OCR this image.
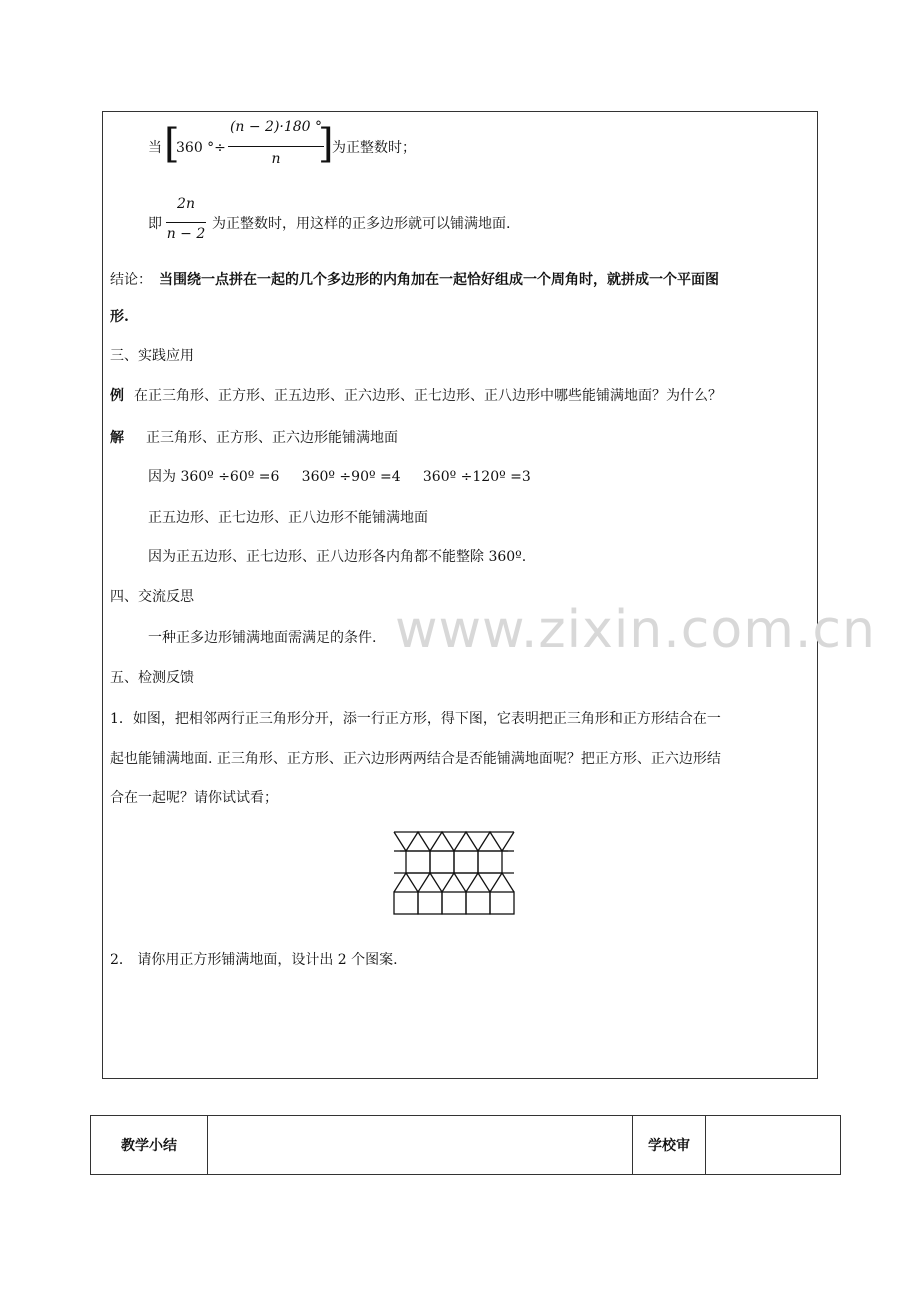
当 [
360 °÷
(n − 2)·180 °
n ]
为正整数时；
即
2n
n − 2
为正整数时，用这样的正多边形就可以铺满地面.
结论： 当围绕一点拼在一起的几个多边形的内角加在一起恰好组成一个周角时，就拼成一个平面图
形.
三、实践应用
例 在正三角形、正方形、正五边形、正六边形、正七边形、正八边形中哪些能铺满地面？为什么？
解 正三角形、正方形、正六边形能铺满地面
因为 360º ÷60º =6     360º ÷90º =4     360º ÷120º =3
正五边形、正七边形、正八边形不能铺满地面
因为正五边形、正七边形、正八边形各内角都不能整除 360º.
四、交流反思
一种正多边形铺满地面需满足的条件. www.zixin.com.cn
五、检测反馈
1．如图，把相邻两行正三角形分开，添一行正方形，得下图，它表明把正三角形和正方形结合在一
起也能铺满地面. 正三角形、正方形、正六边形两两结合是否能铺满地面呢？把正方形、正六边形结
合在一起呢？请你试试看；
2． 请你用正方形铺满地面，设计出 2 个图案.
教学小结		学校审	
